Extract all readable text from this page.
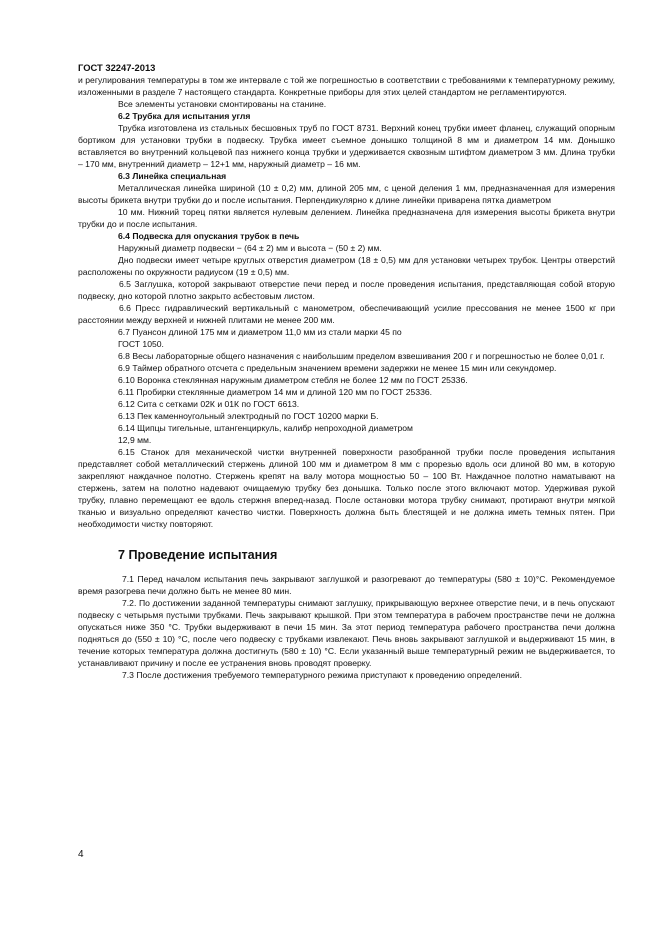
ГОСТ 32247-2013

и регулирования температуры в том же интервале с той же погрешностью в соответствии с требованиями к температурному режиму, изложенными в разделе 7 настоящего стандарта. Конкретные приборы для этих целей стандартом не регламентируются.

Все элементы установки смонтированы на станине.

6.2 Трубка для испытания угля

Трубка изготовлена из стальных бесшовных труб по ГОСТ 8731. Верхний конец трубки имеет фланец, служащий опорным бортиком для установки трубки в подвеску. Трубка имеет съемное донышко толщиной 8 мм и диаметром 14 мм. Донышко вставляется во внутренний кольцевой паз нижнего конца трубки и удерживается сквозным штифтом диаметром 3 мм. Длина трубки – 170 мм, внутренний диаметр – 12+1 мм, наружный диаметр – 16 мм.

6.3 Линейка специальная

Металлическая линейка шириной (10 ± 0,2) мм, длиной 205 мм, с ценой деления 1 мм, предназначенная для измерения высоты брикета внутри трубки до и после испытания. Перпендикулярно к длине линейки приварена пятка диаметром

10 мм. Нижний торец пятки является нулевым делением. Линейка предназначена для измерения высоты брикета внутри трубки до и после испытания.

6.4 Подвеска для опускания трубок в печь

Наружный диаметр подвески − (64 ± 2) мм и высота − (50 ± 2) мм.

Дно подвески имеет четыре круглых отверстия диаметром (18 ± 0,5) мм для установки четырех трубок. Центры отверстий расположены по окружности радиусом (19 ± 0,5) мм.

6.5 Заглушка, которой закрывают отверстие печи перед и после проведения испытания, представляющая собой вторую подвеску, дно которой плотно закрыто асбестовым листом.

6.6 Пресс гидравлический вертикальный с манометром, обеспечивающий усилие прессования не менее 1500 кг при расстоянии между верхней и нижней плитами не менее 200 мм.

6.7 Пуансон длиной 175 мм и диаметром 11,0 мм из стали марки 45 по

ГОСТ 1050.

6.8 Весы лабораторные общего назначения с наибольшим пределом взвешивания 200 г и погрешностью не более 0,01 г.

6.9 Таймер обратного отсчета с предельным значением времени задержки не менее 15 мин или секундомер.

6.10 Воронка стеклянная наружным диаметром стебля не более 12 мм по ГОСТ 25336.

6.11 Пробирки стеклянные диаметром 14 мм и длиной 120 мм по ГОСТ 25336.

6.12 Сита с сетками 02К и 01К по ГОСТ 6613.

6.13 Пек каменноугольный электродный по ГОСТ 10200 марки Б.

6.14 Щипцы тигельные, штангенциркуль, калибр непроходной диаметром

12,9 мм.

6.15 Станок для механической чистки внутренней поверхности разобранной трубки после проведения испытания представляет собой металлический стержень длиной 100 мм и диаметром 8 мм с прорезью вдоль оси длиной 80 мм, в которую закрепляют наждачное полотно. Стержень крепят на валу мотора мощностью 50 – 100 Вт. Наждачное полотно наматывают на стержень, затем на полотно надевают очищаемую трубку без донышка. Только после этого включают мотор. Удерживая рукой трубку, плавно перемещают ее вдоль стержня вперед-назад. После остановки мотора трубку снимают, протирают внутри мягкой тканью и визуально определяют качество чистки. Поверхность должна быть блестящей и не должна иметь темных пятен. При необходимости чистку повторяют.

7 Проведение испытания

7.1 Перед началом испытания печь закрывают заглушкой и разогревают до температуры (580 ± 10)°С. Рекомендуемое время разогрева печи должно быть не менее 80 мин.

7.2. По достижении заданной температуры снимают заглушку, прикрывающую верхнее отверстие печи, и в печь опускают подвеску с четырьмя пустыми трубками. Печь закрывают крышкой. При этом температура в рабочем пространстве печи не должна опускаться ниже 350 °С. Трубки выдерживают в печи 15 мин. За этот период температура рабочего пространства печи должна подняться до (550 ± 10) °С, после чего подвеску с трубками извлекают. Печь вновь закрывают заглушкой и выдерживают 15 мин, в течение которых температура должна достигнуть (580 ± 10) °С. Если указанный выше температурный режим не выдерживается, то устанавливают причину и после ее устранения вновь проводят проверку.

7.3 После достижения требуемого температурного режима приступают к проведению определений.

4
